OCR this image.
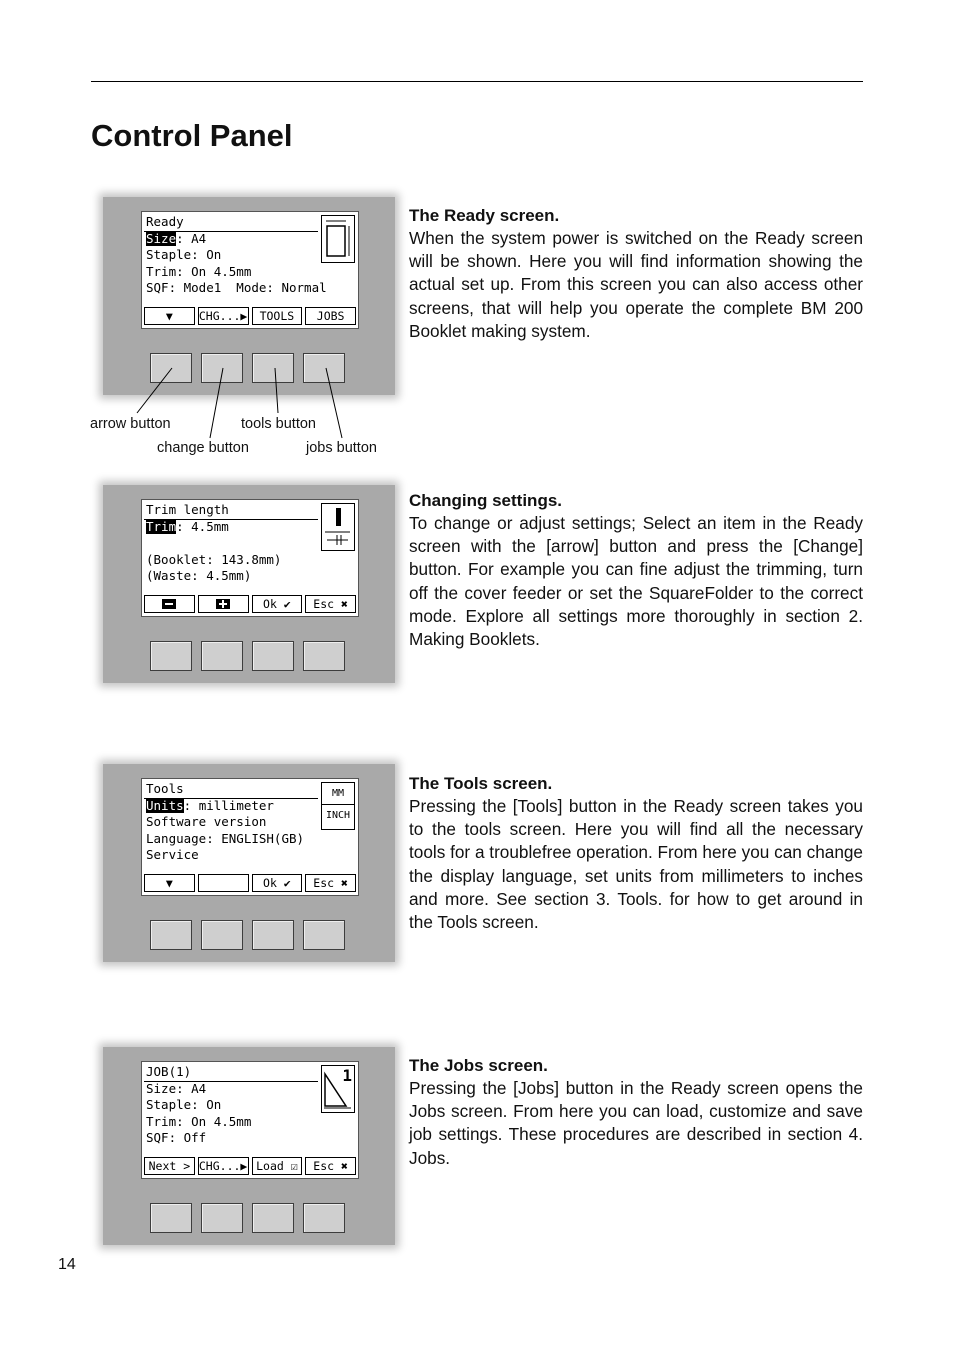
Control Panel
Ready
Size: A4
Staple: On
Trim: On 4.5mm
SQF: Mode1  Mode: Normal
▼ CHG... ▶	TOOLS	JOBS
arrow button	tools button
change button	jobs button
The Ready screen.

When the system power is switched on the Ready screen will be shown. Here you will find information showing the actual set up. From this screen you can also access other screens, that will help you operate the complete BM 200 Booklet making system.

Trim length
Trim: 4.5mm

(Booklet: 143.8mm)
(Waste: 4.5mm)
Ok ✔ Esc ✖
Changing settings.

To change or adjust settings; Select an item in the Ready screen with the [arrow] button and press the [Change] button. For example you can fine adjust the trimming, turn off the cover feeder or set the SquareFolder to the correct mode. Explore all settings more thoroughly in section 2. Making Booklets.

MM
INCH
Tools
Units: millimeter
Software version
Language: ENGLISH(GB)
Service
▼	Ok ✔ Esc ✖
The Tools screen.

Pressing the [Tools] button in the Ready screen takes you to the tools screen. Here you will find all the necessary tools for a troublefree operation. From here you can change the display language, set units from millimeters to inches and more. See section 3. Tools. for how to get around in the Tools screen.

1
JOB(1)
Size: A4
Staple: On
Trim: On 4.5mm
SQF: Off
Next > CHG... ▶ Load ☑ Esc ✖
The Jobs screen.

Pressing the [Jobs] button in the Ready screen opens the Jobs screen. From here you can load, customize and save job settings. These procedures are described in section 4. Jobs.

14
